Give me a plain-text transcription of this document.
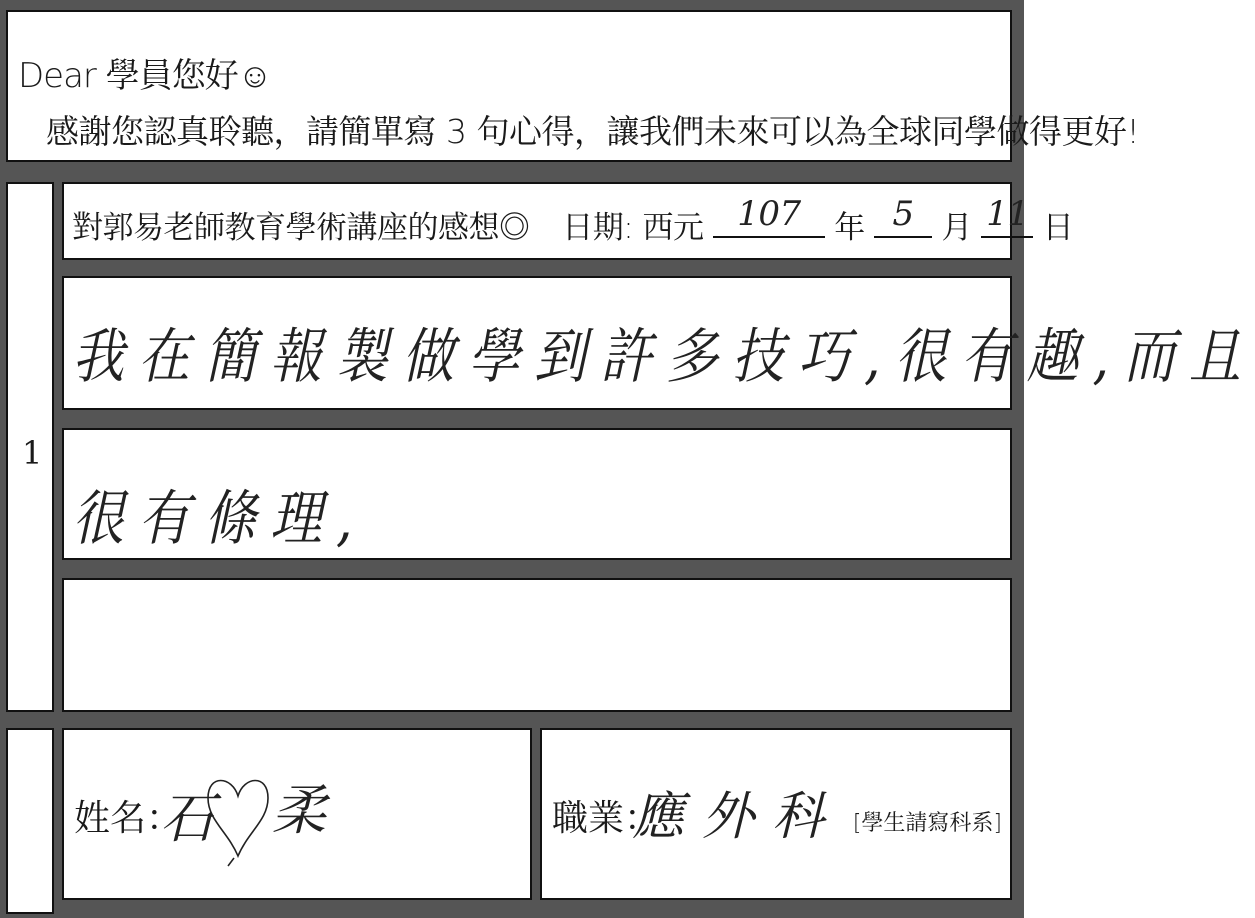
Dear 學員您好☺
感謝您認真聆聽，請簡單寫 3 句心得，讓我們未來可以為全球同學做得更好!
1
對郭易老師教育學術講座的感想◎ 日期: 西元 107	年 5 月 11 日
我在簡報製做學到許多技巧,很有趣,而且
很有條理,
姓名：
石 柔	職業：
應外科 [學生請寫科系]
